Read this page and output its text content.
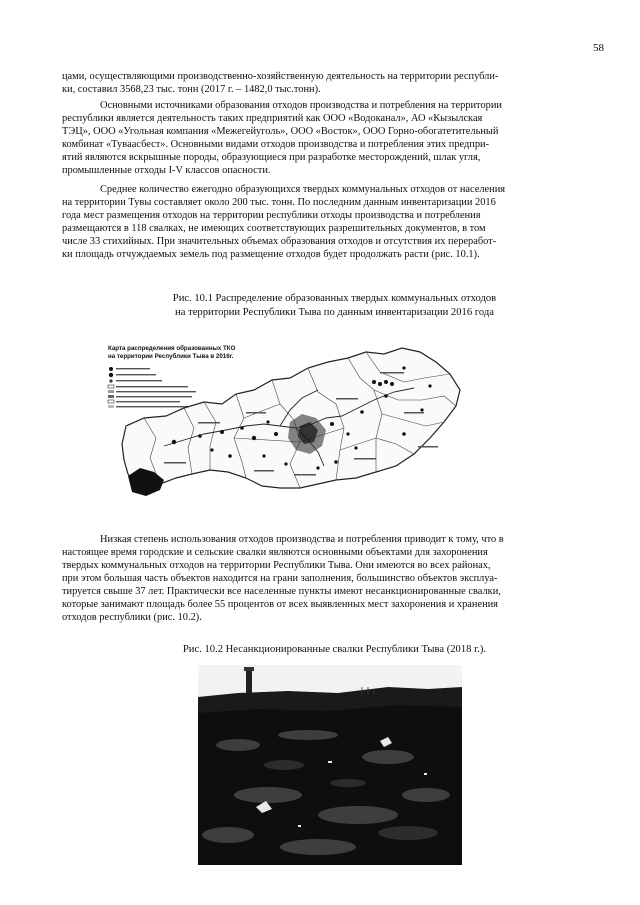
58

цами, осуществляющими производственно-хозяйственную деятельность на территории республи-
ки, составил 3568,23 тыс. тонн (2017 г. – 1482,0 тыс.тонн).

Основными источниками образования отходов производства и потребления на территории
республики является деятельность таких предприятий как ООО «Водоканал», АО «Кызылская
ТЭЦ», ООО «Угольная компания «Межегейуголь», ООО «Восток», ООО Горно-обогатетительный
комбинат «Тувaасбест». Основными видами отходов производства и потребления этих предпри-
ятий являются вскрышные породы, образующиеся при разработке месторождений, шлак угля,
промышленные отходы I-V классов опасности.

Среднее количество ежегодно образующихся твердых коммунальных отходов от населения
на территории Тувы составляет около 200 тыс. тонн. По последним данным инвентаризации 2016
года мест размещения отходов на территории республики отходы производства и потребления
размещаются в 118 свалках, не имеющих соответствующих разрешительных документов, в том
числе 33 стихийных. При значительных объемах образования отходов и отсутствия их переработ-
ки площадь отчуждаемых земель под размещение отходов будет продолжать расти (рис. 10.1).

Рис. 10.1 Распределение образованных твердых коммунальных отходов
на территории Республики Тыва по данным инвентаризации 2016 года
Карта распределения образованных ТКО
на территории Республики Тыва в 2016г.

Низкая степень использования отходов производства и потребления приводит к тому, что в
настоящее время городские и сельские свалки являются основными объектами для захоронения
твердых коммунальных отходов на территории Республики Тыва. Они имеются во всех районах,
при этом большая часть объектов находится на грани заполнения, большинство объектов эксплуа-
тируется свыше 37 лет. Практически все населенные пункты имеют несанкционированные свалки,
которые занимают площадь более 55 процентов от всех выявленных мест захоронения и хранения
отходов республики (рис. 10.2).

Рис. 10.2 Несанкционированные свалки Республики Тыва (2018 г.).
